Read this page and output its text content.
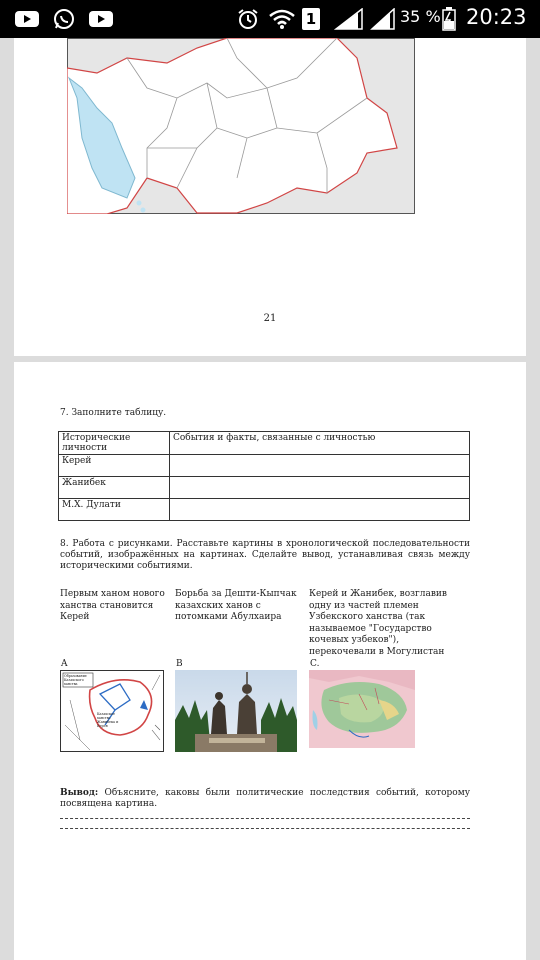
1	35 % 20:23
21
7. Заполните таблицу.
Исторические личности	События и факты, связанные с личностью
Керей	
Жанибек	
М.Х. Дулати	
8. Работа с рисунками. Расставьте картины в хронологической последовательности событий, изображённых на картинах. Сделайте вывод, устанавливая связь между историческими событиями.
Первым ханом нового ханства становится Керей
Борьба за Дешти-Кыпчак казахских ханов с потомками Абулхаира
Керей и Жанибек, возглавив одну из частей племен Узбекского ханства (так называемое "Государство кочевых узбеков"), перекочевали в Могулистан
A	B	C.
Образование Казахского ханства
Казахское ханство Жанибека и Керея
Вывод: Объясните, каковы были политические последствия событий, которому посвящена картина.
